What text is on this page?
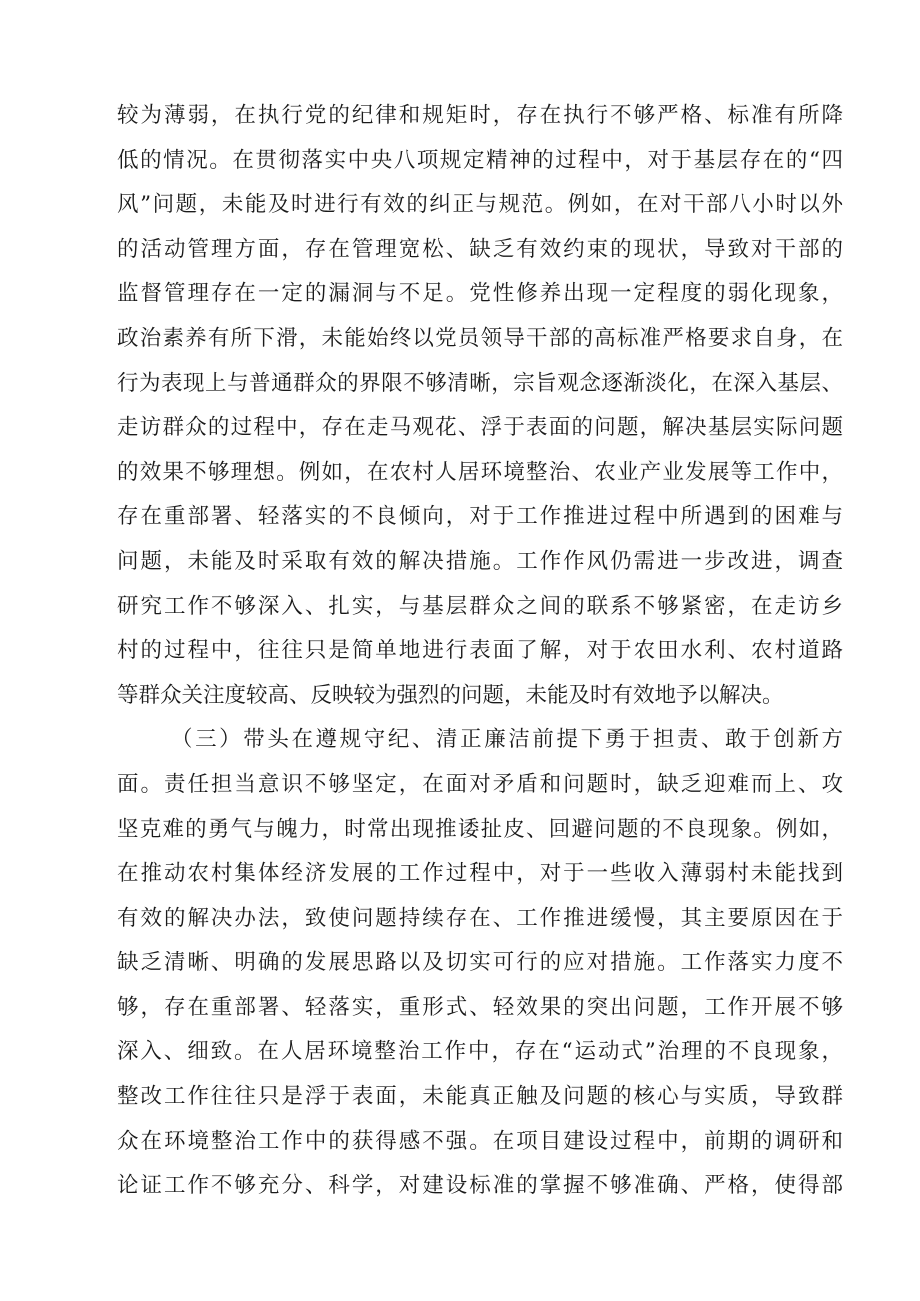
较为薄弱，在执行党的纪律和规矩时，存在执行不够严格、标准有所降
低的情况。在贯彻落实中央八项规定精神的过程中，对于基层存在的“四
风”问题，未能及时进行有效的纠正与规范。例如，在对干部八小时以外
的活动管理方面，存在管理宽松、缺乏有效约束的现状，导致对干部的
监督管理存在一定的漏洞与不足。党性修养出现一定程度的弱化现象，
政治素养有所下滑，未能始终以党员领导干部的高标准严格要求自身，在
行为表现上与普通群众的界限不够清晰，宗旨观念逐渐淡化，在深入基层、
走访群众的过程中，存在走马观花、浮于表面的问题，解决基层实际问题
的效果不够理想。例如，在农村人居环境整治、农业产业发展等工作中，
存在重部署、轻落实的不良倾向，对于工作推进过程中所遇到的困难与
问题，未能及时采取有效的解决措施。工作作风仍需进一步改进，调查
研究工作不够深入、扎实，与基层群众之间的联系不够紧密，在走访乡
村的过程中，往往只是简单地进行表面了解，对于农田水利、农村道路
等群众关注度较高、反映较为强烈的问题，未能及时有效地予以解决。
（三）带头在遵规守纪、清正廉洁前提下勇于担责、敢于创新方
面。责任担当意识不够坚定，在面对矛盾和问题时，缺乏迎难而上、攻
坚克难的勇气与魄力，时常出现推诿扯皮、回避问题的不良现象。例如，
在推动农村集体经济发展的工作过程中，对于一些收入薄弱村未能找到
有效的解决办法，致使问题持续存在、工作推进缓慢，其主要原因在于
缺乏清晰、明确的发展思路以及切实可行的应对措施。工作落实力度不
够，存在重部署、轻落实，重形式、轻效果的突出问题，工作开展不够
深入、细致。在人居环境整治工作中，存在“运动式”治理的不良现象，
整改工作往往只是浮于表面，未能真正触及问题的核心与实质，导致群
众在环境整治工作中的获得感不强。在项目建设过程中，前期的调研和
论证工作不够充分、科学，对建设标准的掌握不够准确、严格，使得部
